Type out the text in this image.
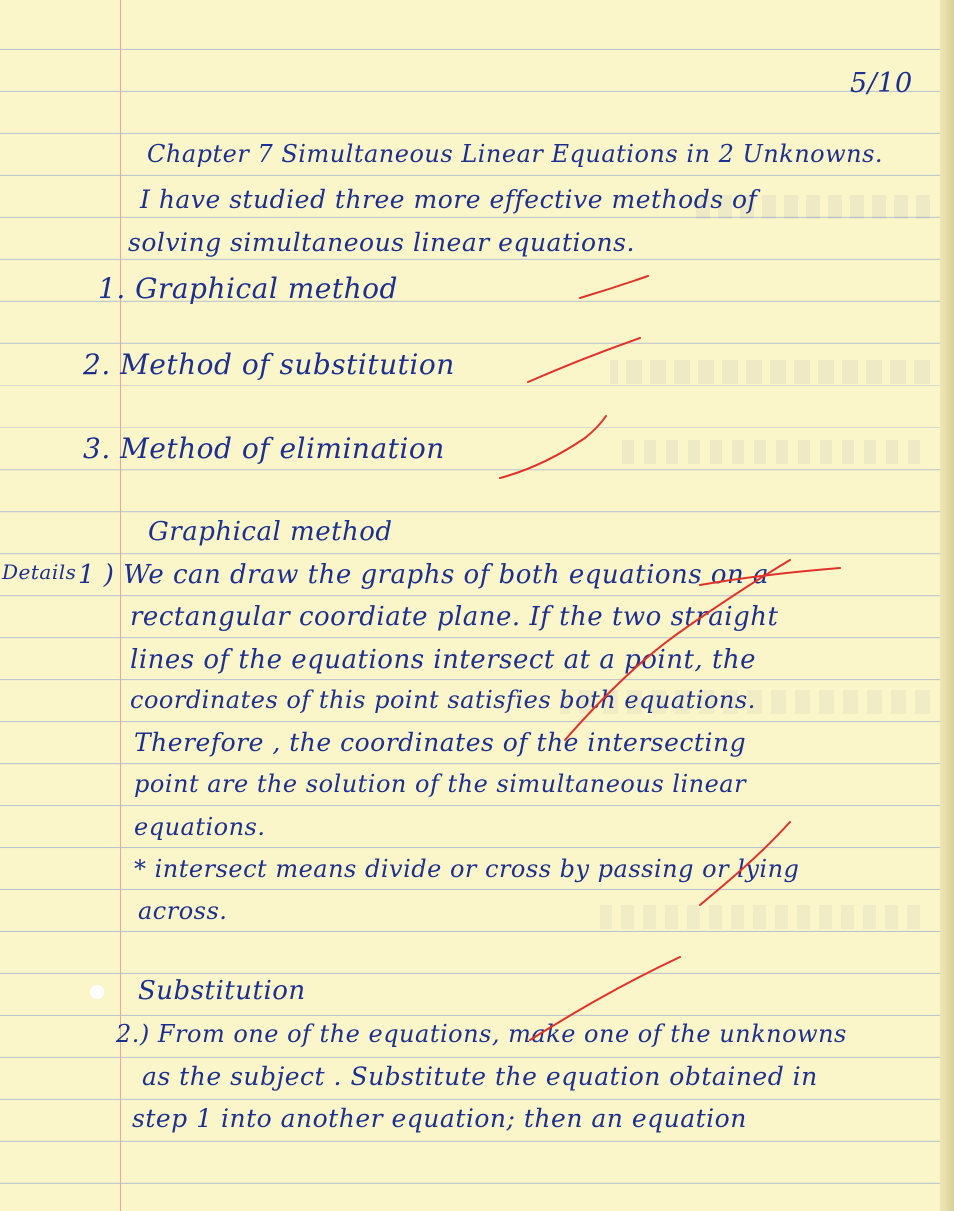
5/10
Chapter 7 Simultaneous Linear Equations in 2 Unknowns.
I have studied three more effective methods of
solving simultaneous linear equations.
1. Graphical method
2. Method of substitution
3. Method of elimination
Graphical method
Details 1 ) We can draw the graphs of both equations on a
rectangular coordiate plane. If the two straight
lines of the equations intersect at a point, the
coordinates of this point satisfies both equations.
Therefore , the coordinates of the intersecting
point are the solution of the simultaneous linear
equations.
* intersect means divide or cross by passing or lying
across.
Substitution
2.) From one of the equations, make one of the unknowns
as the subject . Substitute the equation obtained in
step 1 into another equation; then an equation
